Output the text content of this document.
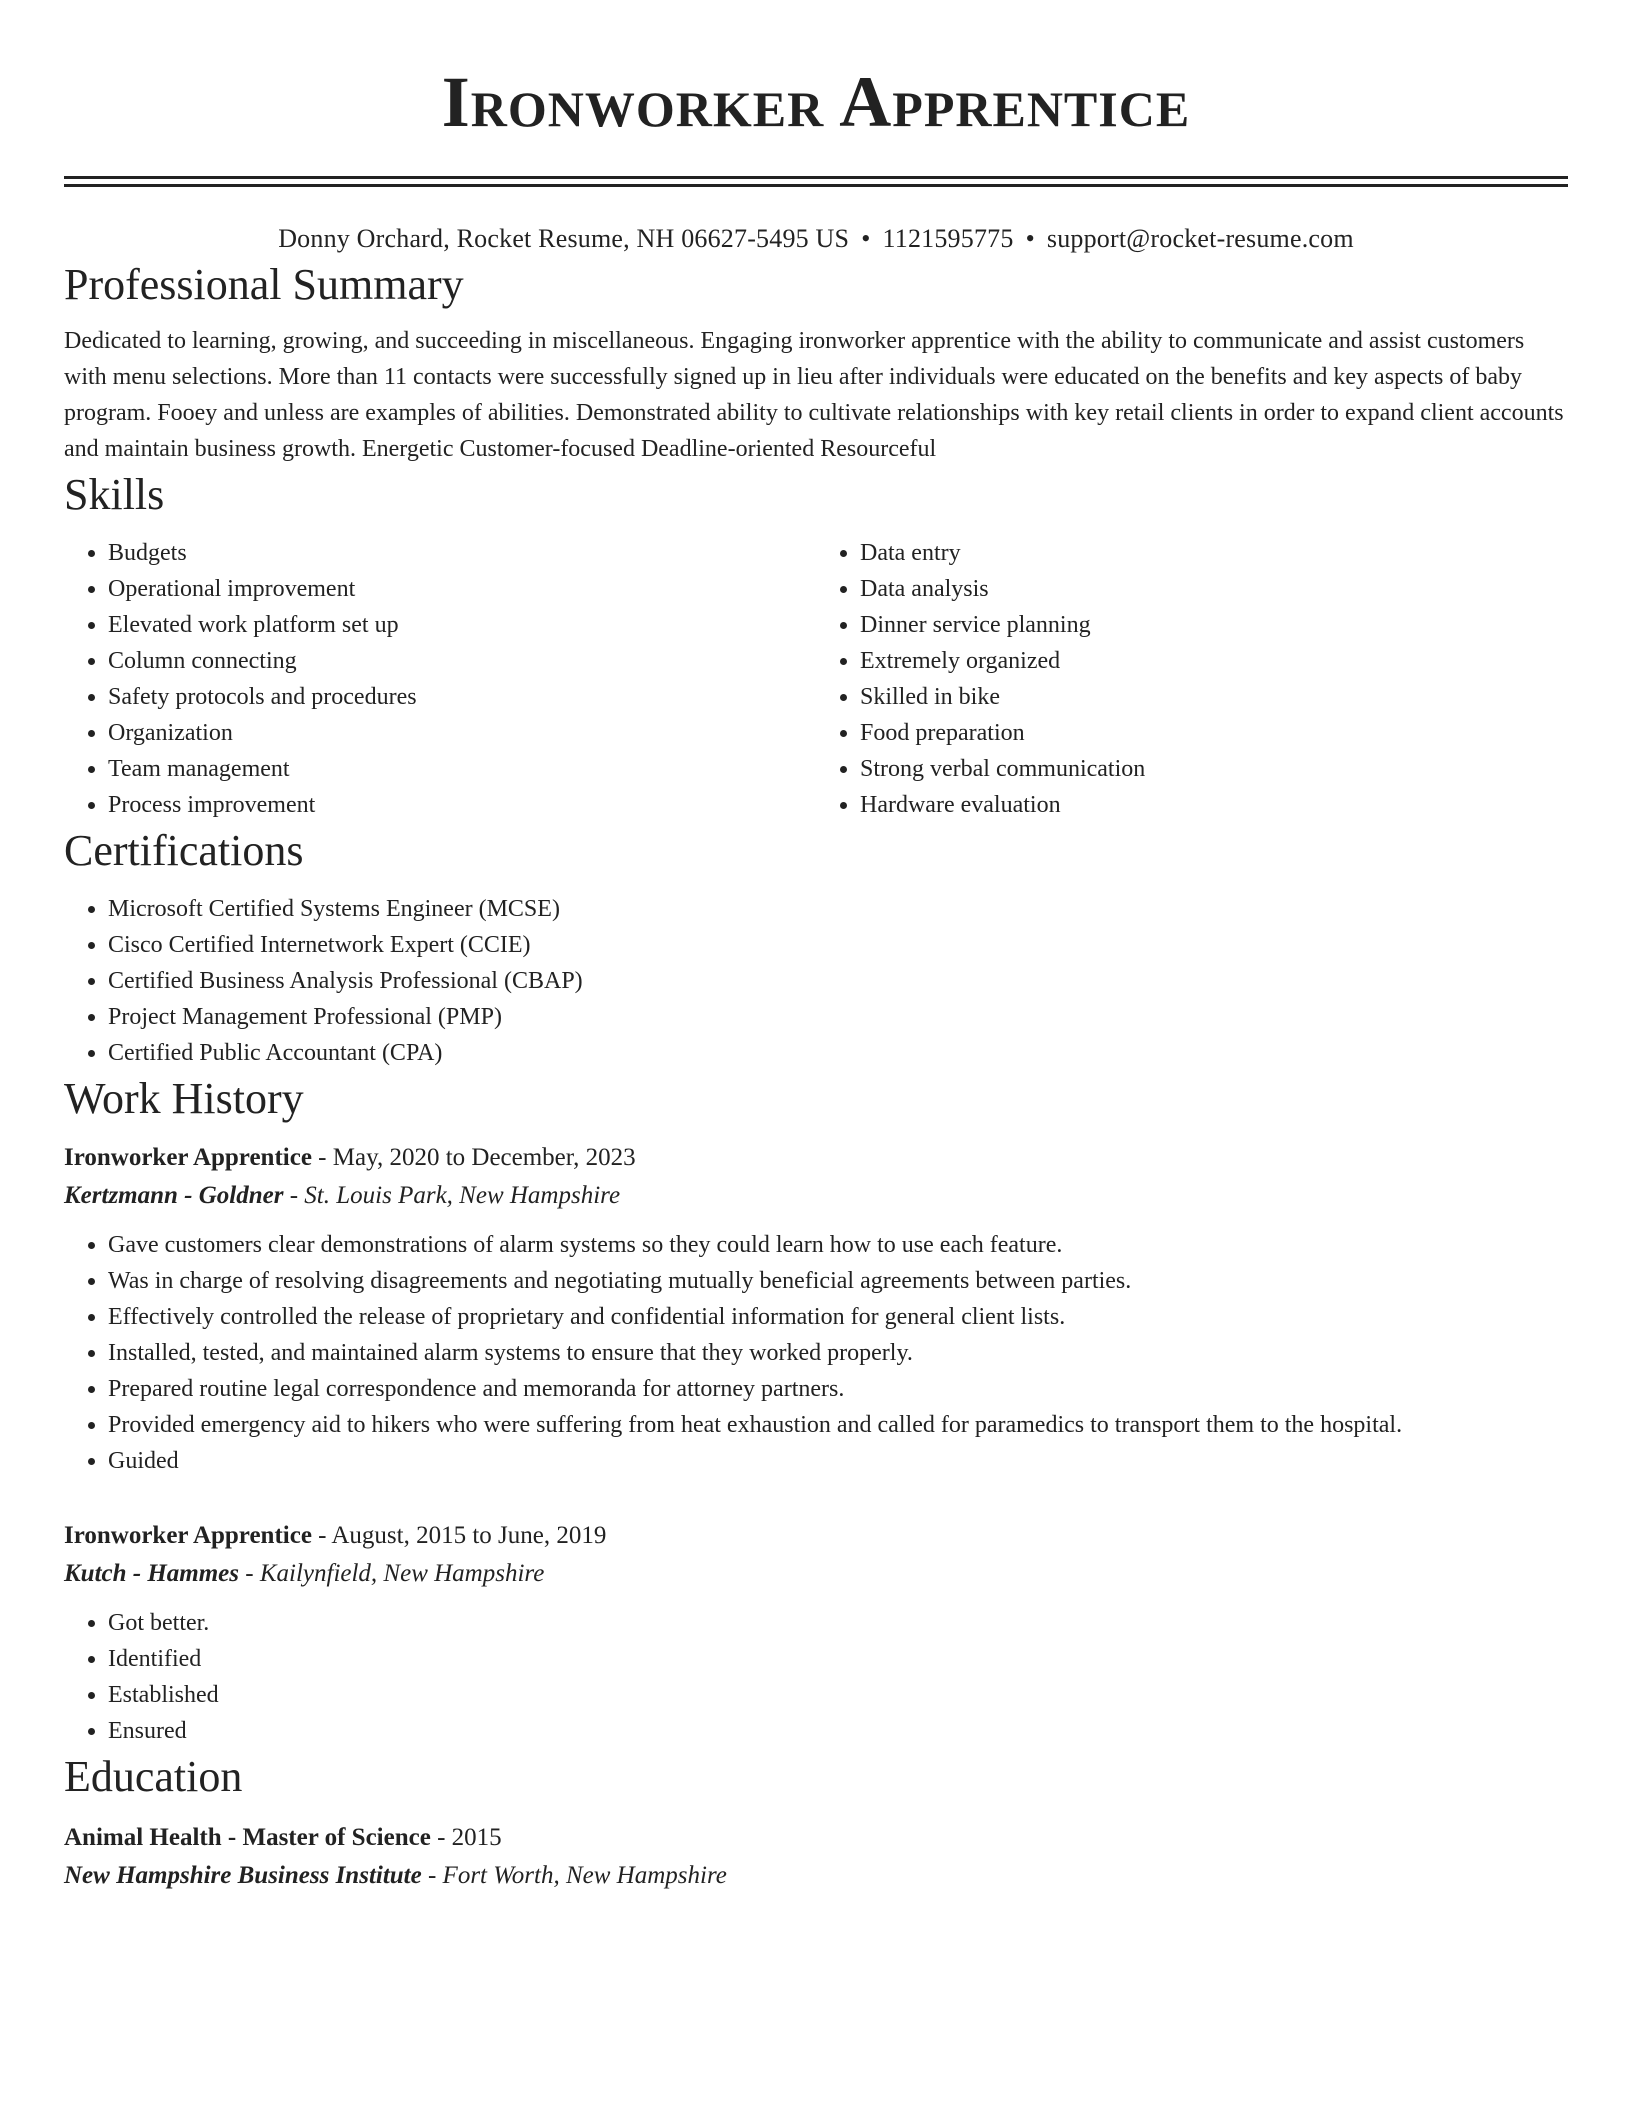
Ironworker Apprentice
Donny Orchard, Rocket Resume, NH 06627-5495 US • 1121595775 • support@rocket-resume.com
Professional Summary

Dedicated to learning, growing, and succeeding in miscellaneous. Engaging ironworker apprentice with the ability to communicate and assist customers with menu selections. More than 11 contacts were successfully signed up in lieu after individuals were educated on the benefits and key aspects of baby program. Fooey and unless are examples of abilities. Demonstrated ability to cultivate relationships with key retail clients in order to expand client accounts and maintain business growth. Energetic Customer-focused Deadline-oriented Resourceful

Skills
• Budgets
• Operational improvement
• Elevated work platform set up
• Column connecting
• Safety protocols and procedures
• Organization
• Team management
• Process improvement
• Data entry
• Data analysis
• Dinner service planning
• Extremely organized
• Skilled in bike
• Food preparation
• Strong verbal communication
• Hardware evaluation
Certifications
• Microsoft Certified Systems Engineer (MCSE)
• Cisco Certified Internetwork Expert (CCIE)
• Certified Business Analysis Professional (CBAP)
• Project Management Professional (PMP)
• Certified Public Accountant (CPA)
Work History
Ironworker Apprentice - May, 2020 to December, 2023
Kertzmann - Goldner - St. Louis Park, New Hampshire
• Gave customers clear demonstrations of alarm systems so they could learn how to use each feature.
• Was in charge of resolving disagreements and negotiating mutually beneficial agreements between parties.
• Effectively controlled the release of proprietary and confidential information for general client lists.
• Installed, tested, and maintained alarm systems to ensure that they worked properly.
• Prepared routine legal correspondence and memoranda for attorney partners.
• Provided emergency aid to hikers who were suffering from heat exhaustion and called for paramedics to transport them to the hospital.
• Guided
Ironworker Apprentice - August, 2015 to June, 2019
Kutch - Hammes - Kailynfield, New Hampshire
• Got better.
• Identified
• Established
• Ensured
Education
Animal Health - Master of Science - 2015
New Hampshire Business Institute - Fort Worth, New Hampshire
